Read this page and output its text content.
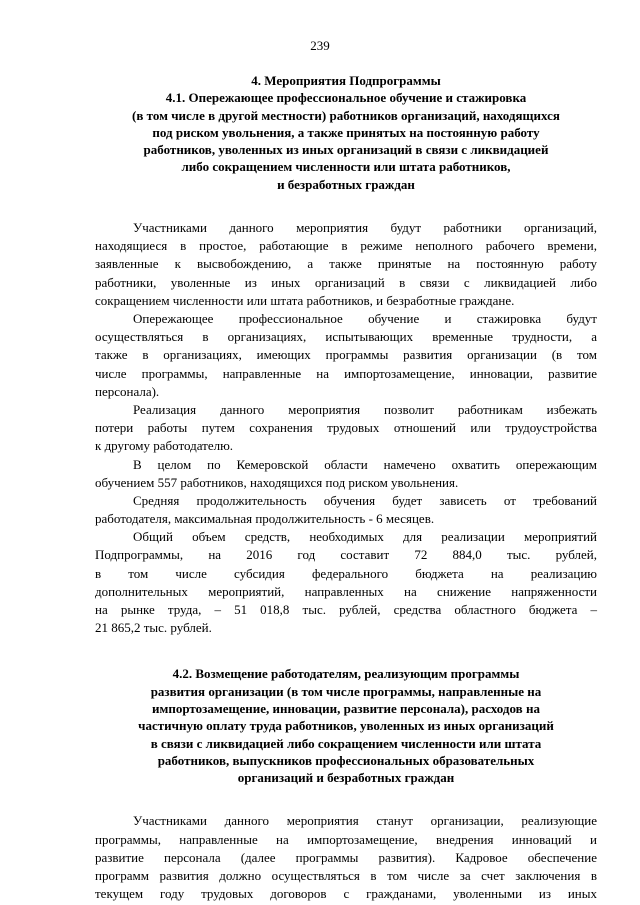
239
4. Мероприятия Подпрограммы
4.1. Опережающее профессиональное обучение и стажировка
(в том числе в другой местности) работников организаций, находящихся
под риском увольнения, а также принятых на постоянную работу
работников, уволенных из иных организаций в связи с ликвидацией
либо сокращением численности или штата работников,
и безработных граждан
Участниками данного мероприятия будут работники организаций,
находящиеся в простое, работающие в режиме неполного рабочего времени,
заявленные к высвобождению, а также принятые на постоянную работу
работники, уволенные из иных организаций в связи с ликвидацией либо
сокращением численности или штата работников, и безработные граждане.
Опережающее профессиональное обучение и стажировка будут
осуществляться в организациях, испытывающих временные трудности, а
также в организациях, имеющих программы развития организации (в том
числе программы, направленные на импортозамещение, инновации, развитие
персонала).
Реализация данного мероприятия позволит работникам избежать
потери работы путем сохранения трудовых отношений или трудоустройства
к другому работодателю.
В целом по Кемеровской области намечено охватить опережающим
обучением 557 работников, находящихся под риском увольнения.
Средняя продолжительность обучения будет зависеть от требований
работодателя, максимальная продолжительность - 6 месяцев.
Общий объем средств, необходимых для реализации мероприятий
Подпрограммы, на 2016 год составит 72 884,0 тыс. рублей,
в том числе субсидия федерального бюджета на реализацию
дополнительных мероприятий, направленных на снижение напряженности
на рынке труда, – 51 018,8 тыс. рублей, средства областного бюджета –
21 865,2 тыс. рублей.
4.2. Возмещение работодателям, реализующим программы
развития организации (в том числе программы, направленные на
импортозамещение, инновации, развитие персонала), расходов на
частичную оплату труда работников, уволенных из иных организаций
в связи с ликвидацией либо сокращением численности или штата
работников, выпускников профессиональных образовательных
организаций и безработных граждан
Участниками данного мероприятия станут организации, реализующие
программы, направленные на импортозамещение, внедрения инноваций и
развитие персонала (далее программы развития). Кадровое обеспечение
программ развития должно осуществляться в том числе за счет заключения в
текущем году трудовых договоров с гражданами, уволенными из иных
